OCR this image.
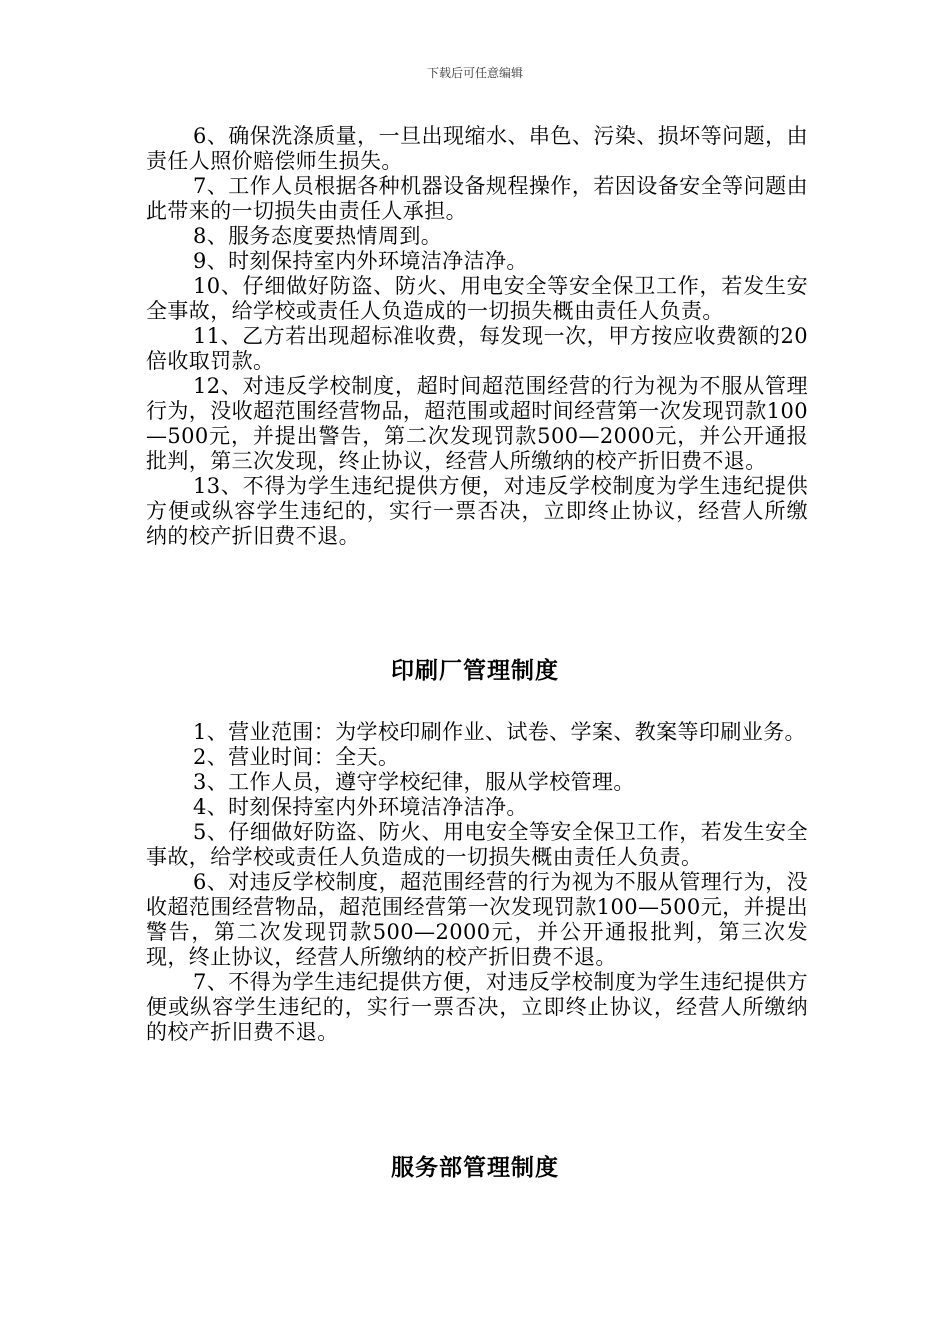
下载后可任意编辑

6、确保洗涤质量，一旦出现缩水、串色、污染、损坏等问题，由责任人照价赔偿师生损失。

7、工作人员根据各种机器设备规程操作，若因设备安全等问题由此带来的一切损失由责任人承担。

8、服务态度要热情周到。

9、时刻保持室内外环境洁净洁净。

10、仔细做好防盗、防火、用电安全等安全保卫工作，若发生安全事故，给学校或责任人负造成的一切损失概由责任人负责。

11、乙方若出现超标准收费，每发现一次，甲方按应收费额的20倍收取罚款。

12、对违反学校制度，超时间超范围经营的行为视为不服从管理行为，没收超范围经营物品，超范围或超时间经营第一次发现罚款100—500元，并提出警告，第二次发现罚款500—2000元，并公开通报批判，第三次发现，终止协议，经营人所缴纳的校产折旧费不退。

13、不得为学生违纪提供方便，对违反学校制度为学生违纪提供方便或纵容学生违纪的，实行一票否决，立即终止协议，经营人所缴纳的校产折旧费不退。

印刷厂管理制度

1、营业范围：为学校印刷作业、试卷、学案、教案等印刷业务。

2、营业时间：全天。

3、工作人员，遵守学校纪律，服从学校管理。

4、时刻保持室内外环境洁净洁净。

5、仔细做好防盗、防火、用电安全等安全保卫工作，若发生安全事故，给学校或责任人负造成的一切损失概由责任人负责。

6、对违反学校制度，超范围经营的行为视为不服从管理行为，没收超范围经营物品，超范围经营第一次发现罚款100—500元，并提出警告，第二次发现罚款500—2000元，并公开通报批判，第三次发现，终止协议，经营人所缴纳的校产折旧费不退。

7、不得为学生违纪提供方便，对违反学校制度为学生违纪提供方便或纵容学生违纪的，实行一票否决，立即终止协议，经营人所缴纳的校产折旧费不退。

服务部管理制度
